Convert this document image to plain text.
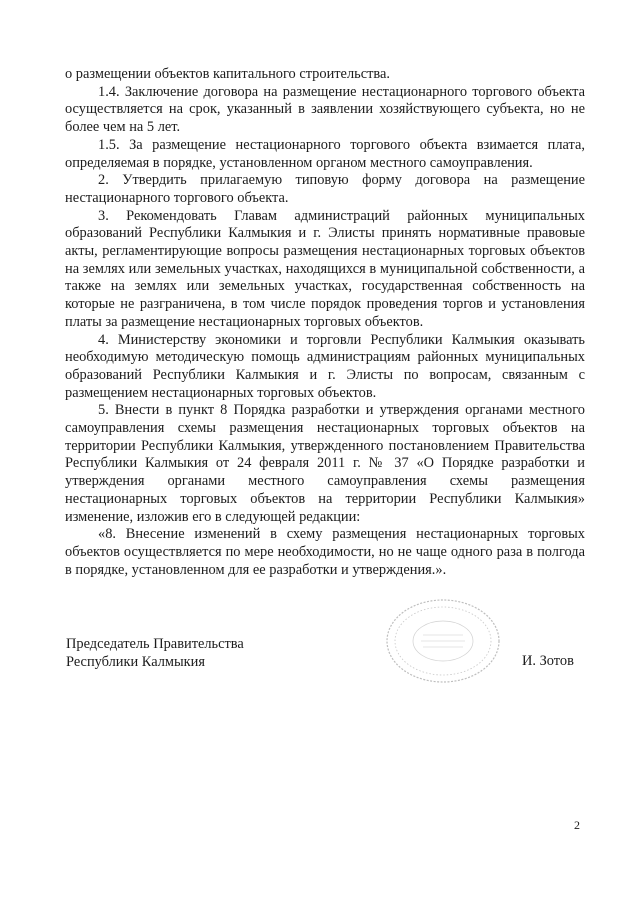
о размещении объектов капитального строительства.

1.4. Заключение договора на размещение нестационарного торгового объекта осуществляется на срок, указанный в заявлении хозяйствующего субъекта, но не более чем на 5 лет.

1.5. За размещение нестационарного торгового объекта взимается плата, определяемая в порядке, установленном органом местного самоуправления.

2. Утвердить прилагаемую типовую форму договора на размещение нестационарного торгового объекта.

3. Рекомендовать Главам администраций районных муниципальных образований Республики Калмыкия и г. Элисты принять нормативные правовые акты, регламентирующие вопросы размещения нестационарных торговых объектов на землях или земельных участках, находящихся в муниципальной собственности, а также на землях или земельных участках, государственная собственность на которые не разграничена, в том числе порядок проведения торгов и установления платы за размещение нестационарных торговых объектов.

4. Министерству экономики и торговли Республики Калмыкия оказывать необходимую методическую помощь администрациям районных муниципальных образований Республики Калмыкия и г. Элисты по вопросам, связанным с размещением нестационарных торговых объектов.

5. Внести в пункт 8 Порядка разработки и утверждения органами местного самоуправления схемы размещения нестационарных торговых объектов на территории Республики Калмыкия, утвержденного постановлением Правительства Республики Калмыкия от 24 февраля 2011 г. № 37 «О Порядке разработки и утверждения органами местного самоуправления схемы размещения нестационарных торговых объектов на территории Республики Калмыкия» изменение, изложив его в следующей редакции:

«8. Внесение изменений в схему размещения нестационарных торговых объектов осуществляется по мере необходимости, но не чаще одного раза в полгода в порядке, установленном для ее разработки и утверждения.».

Председатель Правительства
Республики Калмыкия	И. Зотов
2
